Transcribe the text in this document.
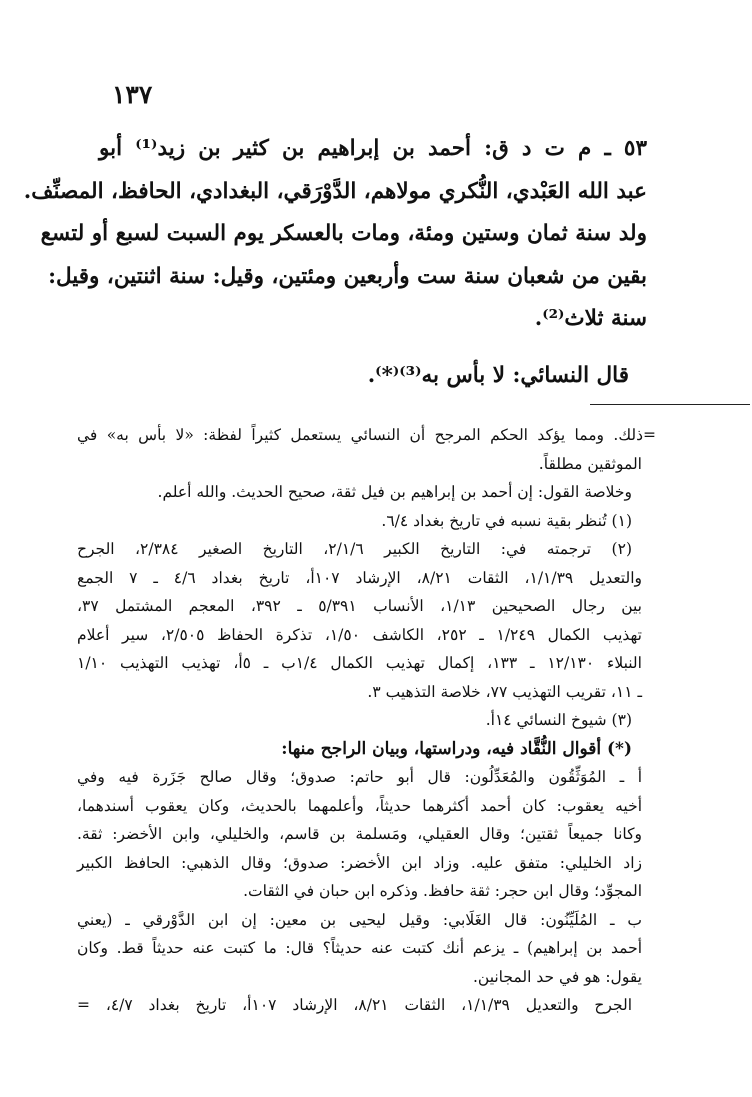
١٣٧
٥٣ ـ م ت د ق: أحمد بن إبراهيم بن كثير بن زيد⁽¹⁾ أبو
عبد الله العَبْدي، النُّكري مولاهم، الدَّوْرَقي، البغدادي، الحافظ، المصنِّف.
ولد سنة ثمان وستين ومئة، ومات بالعسكر يوم السبت لسبع أو لتسع
بقين من شعبان سنة ست وأربعين ومئتين، وقيل: سنة اثنتين، وقيل:
سنة ثلاث⁽²⁾.
قال النسائي: لا بأس به⁽³⁾⁽*⁾.
=ذلك. ومما يؤكد الحكم المرجح أن النسائي يستعمل كثيراً لفظة: «لا بأس به» في
الموثقين مطلقاً.
وخلاصة القول: إن أحمد بن إبراهيم بن فيل ثقة، صحيح الحديث. والله أعلم.
(١) تُنظر بقية نسبه في تاريخ بغداد ٦/٤.
(٢) ترجمته في: التاريخ الكبير ٢/١/٦، التاريخ الصغير ٢/٣٨٤، الجرح
والتعديل ١/١/٣٩، الثقات ٨/٢١، الإرشاد ١٠٧أ، تاريخ بغداد ٤/٦ ـ ٧ الجمع
بين رجال الصحيحين ١/١٣، الأنساب ٥/٣٩١ ـ ٣٩٢، المعجم المشتمل ٣٧،
تهذيب الكمال ١/٢٤٩ ـ ٢٥٢، الكاشف ١/٥٠، تذكرة الحفاظ ٢/٥٠٥، سير أعلام
النبلاء ١٢/١٣٠ ـ ١٣٣، إكمال تهذيب الكمال ١/٤ب ـ ٥أ، تهذيب التهذيب ١/١٠
ـ ١١، تقريب التهذيب ٧٧، خلاصة التذهيب ٣.
(٣) شيوخ النسائي ١٤أ.
(*) أقوال النُّقَّاد فيه، ودراستها، وبيان الراجح منها:
أ ـ المُوَثِّقُون والمُعَدِّلُون: قال أبو حاتم: صدوق؛ وقال صالح جَزَرة فيه وفي
أخيه يعقوب: كان أحمد أكثرهما حديثاً، وأعلمهما بالحديث، وكان يعقوب أسندهما،
وكانا جميعاً ثقتين؛ وقال العقيلي، ومَسلمة بن قاسم، والخليلي، وابن الأخضر: ثقة.
زاد الخليلي: متفق عليه. وزاد ابن الأخضر: صدوق؛ وقال الذهبي: الحافظ الكبير
المجوِّد؛ وقال ابن حجر: ثقة حافظ. وذكره ابن حبان في الثقات.
ب ـ المُلَيِّنُون: قال الغَلَابي: وقيل ليحيى بن معين: إن ابن الدَّوْرقي ـ (يعني
أحمد بن إبراهيم) ـ يزعم أنك كتبت عنه حديثاً؟ قال: ما كتبت عنه حديثاً قط. وكان
يقول: هو في حد المجانين.
الجرح والتعديل ١/١/٣٩، الثقات ٨/٢١، الإرشاد ١٠٧أ، تاريخ بغداد ٤/٧، =
